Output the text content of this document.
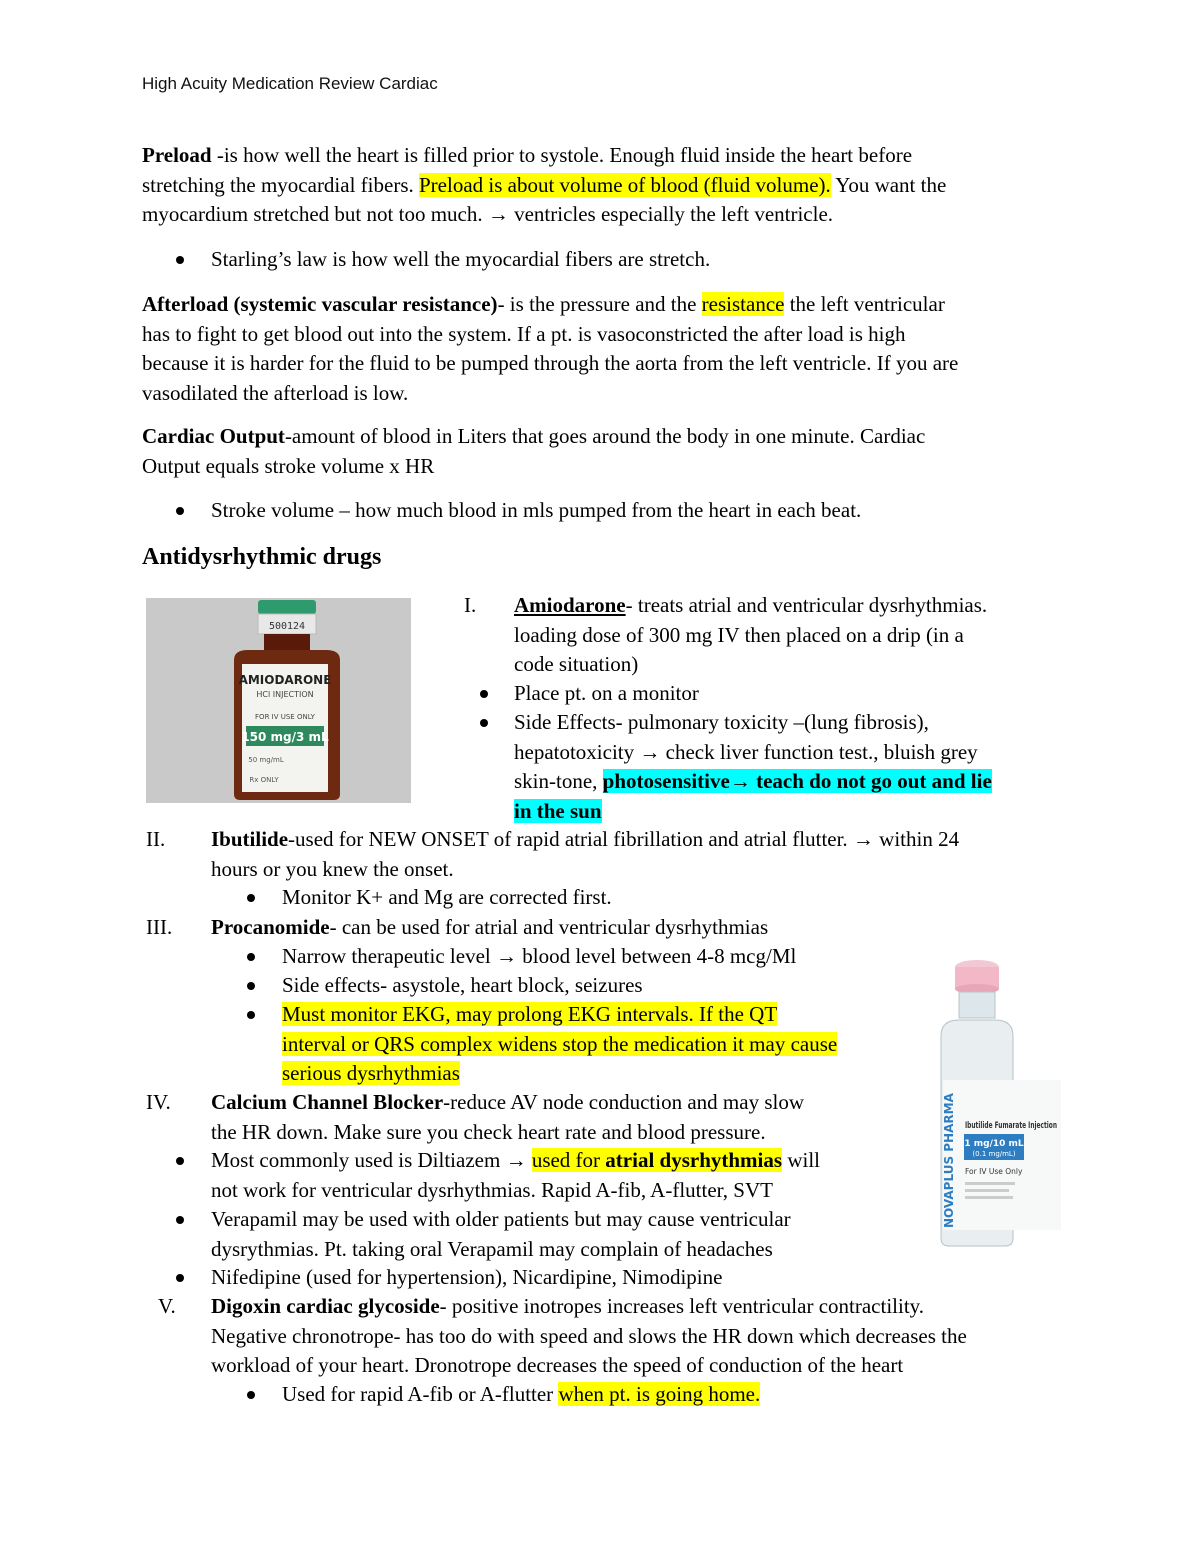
High Acuity Medication Review Cardiac
Preload -is how well the heart is filled prior to systole. Enough fluid inside the heart before
stretching the myocardial fibers. Preload is about volume of blood (fluid volume). You want the
myocardium stretched but not too much. → ventricles especially the left ventricle.
Starling’s law is how well the myocardial fibers are stretch.
Afterload (systemic vascular resistance)- is the pressure and the resistance the left ventricular
has to fight to get blood out into the system. If a pt. is vasoconstricted the after load is high
because it is harder for the fluid to be pumped through the aorta from the left ventricle. If you are
vasodilated the afterload is low.
Cardiac Output-amount of blood in Liters that goes around the body in one minute. Cardiac
Output equals stroke volume x HR
Stroke volume – how much blood in mls pumped from the heart in each beat.
Antidysrhythmic drugs
500124
AMIODARONE
HCl INJECTION
FOR IV USE ONLY
150 mg/3 mL
50 mg/mL
Rx ONLY
I. Amiodarone- treats atrial and ventricular dysrhythmias.
loading dose of 300 mg IV then placed on a drip (in a
code situation)
Place pt. on a monitor
Side Effects- pulmonary toxicity –(lung fibrosis),
hepatotoxicity → check liver function test., bluish grey
skin-tone, photosensitive→ teach do not go out and lie
in the sun
II. Ibutilide-used for NEW ONSET of rapid atrial fibrillation and atrial flutter. → within 24
hours or you knew the onset.
Monitor K+ and Mg are corrected first.
III. Procanomide- can be used for atrial and ventricular dysrhythmias
Narrow therapeutic level → blood level between 4-8 mcg/Ml
Side effects- asystole, heart block, seizures
Must monitor EKG, may prolong EKG intervals. If the QT
interval or QRS complex widens stop the medication it may cause
serious dysrhythmias
NOVAPLUS PHARMA Ibutilide Fumarate Injection
1 mg/10 mL
(0.1 mg/mL)
For IV Use Only
IV. Calcium Channel Blocker-reduce AV node conduction and may slow
the HR down. Make sure you check heart rate and blood pressure.
Most commonly used is Diltiazem → used for atrial dysrhythmias will
not work for ventricular dysrhythmias. Rapid A-fib, A-flutter, SVT
Verapamil may be used with older patients but may cause ventricular
dysrythmias. Pt. taking oral Verapamil may complain of headaches
Nifedipine (used for hypertension), Nicardipine, Nimodipine
V. Digoxin cardiac glycoside- positive inotropes increases left ventricular contractility.
Negative chronotrope- has too do with speed and slows the HR down which decreases the
workload of your heart. Dronotrope decreases the speed of conduction of the heart
Used for rapid A-fib or A-flutter when pt. is going home.
